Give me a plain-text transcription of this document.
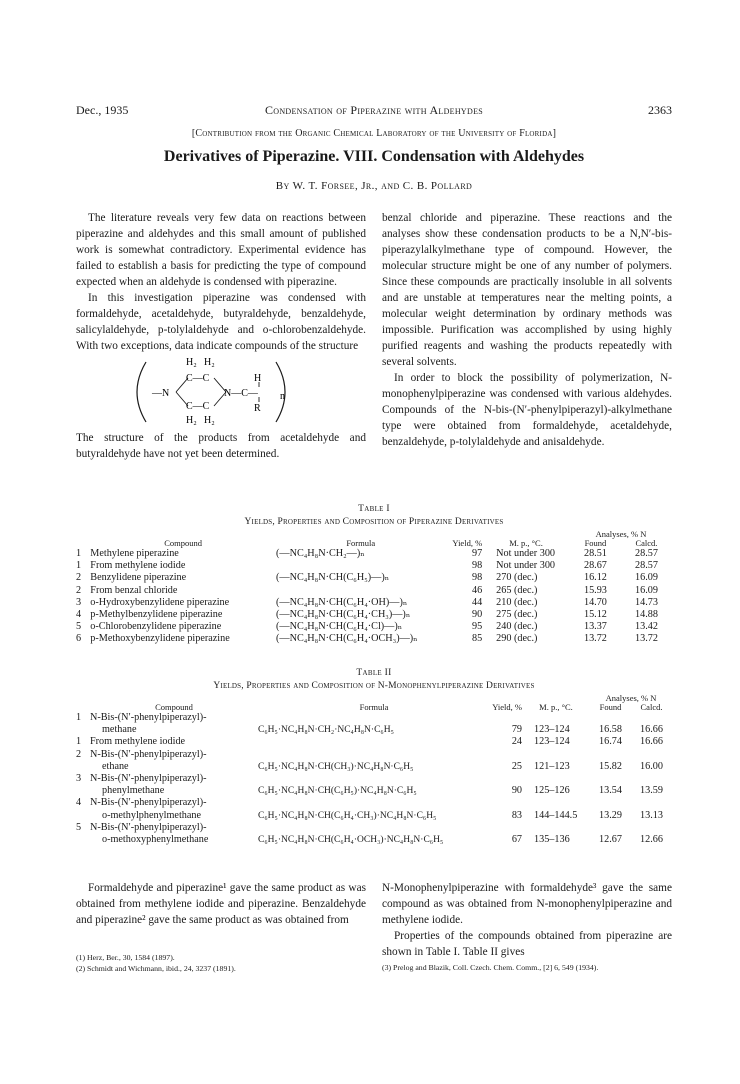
Dec., 1935	Condensation of Piperazine with Aldehydes	2363
[Contribution from the Organic Chemical Laboratory of the University of Florida]
Derivatives of Piperazine. VIII. Condensation with Aldehydes
By W. T. Forsee, Jr., and C. B. Pollard

The literature reveals very few data on reactions between piperazine and aldehydes and this small amount of published work is somewhat contradictory. Experimental evidence has failed to establish a basis for predicting the type of compound expected when an aldehyde is condensed with piperazine.

In this investigation piperazine was condensed with formaldehyde, acetaldehyde, butyraldehyde, benzaldehyde, salicylaldehyde, p-tolylaldehyde and o-chlorobenzaldehyde. With two exceptions, data indicate compounds of the structure

H₂ H₂
C—C	H
—N	N—C— n
C—C	R
H₂ H₂

The structure of the products from acetaldehyde and butyraldehyde have not yet been determined.

benzal chloride and piperazine. These reactions and the analyses show these condensation products to be a N,N′-bis-piperazylalkylmethane type of compound. However, the molecular structure might be one of any number of polymers. Since these compounds are practically insoluble in all solvents and are unstable at temperatures near the melting points, a molecular weight determination by ordinary methods was impossible. Purification was accomplished by using highly purified reagents and washing the products repeatedly with several solvents.

In order to block the possibility of polymerization, N-monophenylpiperazine was condensed with various aldehydes. Compounds of the N-bis-(N′-phenylpiperazyl)-alkylmethane type were obtained from formaldehyde, acetaldehyde, benzaldehyde, p-tolylaldehyde and anisaldehyde.

Table I
Yields, Properties and Composition of Piperazine Derivatives
					Analyses, % N	
	Compound	Formula	Yield, %	M. p., °C.	Found	Calcd.
1	Methylene piperazine	(—NC₄H₈N·CH₂—)ₙ	97	Not under 300	28.51	28.57
1	From methylene iodide		98	Not under 300	28.67	28.57
2	Benzylidene piperazine	(—NC₄H₈N·CH(C₆H₅)—)ₙ	98	270 (dec.)	16.12	16.09
2	From benzal chloride		46	265 (dec.)	15.93	16.09
3	o-Hydroxybenzylidene piperazine	(—NC₄H₈N·CH(C₆H₄·OH)—)ₙ	44	210 (dec.)	14.70	14.73
4	p-Methylbenzylidene piperazine	(—NC₄H₈N·CH(C₆H₄·CH₃)—)ₙ	90	275 (dec.)	15.12	14.88
5	o-Chlorobenzylidene piperazine	(—NC₄H₈N·CH(C₆H₄·Cl)—)ₙ	95	240 (dec.)	13.37	13.42
6	p-Methoxybenzylidene piperazine	(—NC₄H₈N·CH(C₆H₄·OCH₃)—)ₙ	85	290 (dec.)	13.72	13.72
Table II
Yields, Properties and Composition of N-Monophenylpiperazine Derivatives
					Analyses, % N	
	Compound	Formula	Yield, %	M. p., °C.	Found	Calcd.
1	N-Bis-(N′-phenylpiperazyl)-					
	methane	C₆H₅·NC₄H₈N·CH₂·NC₄H₈N·C₆H₅	79	123–124	16.58	16.66
1	From methylene iodide		24	123–124	16.74	16.66
2	N-Bis-(N′-phenylpiperazyl)-					
	ethane	C₆H₅·NC₄H₈N·CH(CH₃)·NC₄H₈N·C₆H₅	25	121–123	15.82	16.00
3	N-Bis-(N′-phenylpiperazyl)-					
	phenylmethane	C₆H₅·NC₄H₈N·CH(C₆H₅)·NC₄H₈N·C₆H₅	90	125–126	13.54	13.59
4	N-Bis-(N′-phenylpiperazyl)-					
	o-methylphenylmethane	C₆H₅·NC₄H₈N·CH(C₆H₄·CH₃)·NC₄H₈N·C₆H₅	83	144–144.5	13.29	13.13
5	N-Bis-(N′-phenylpiperazyl)-					
	o-methoxyphenylmethane	C₆H₅·NC₄H₈N·CH(C₆H₄·OCH₃)·NC₄H₈N·C₆H₅	67	135–136	12.67	12.66

Formaldehyde and piperazine¹ gave the same product as was obtained from methylene iodide and piperazine. Benzaldehyde and piperazine² gave the same product as was obtained from

(1) Herz, Ber., 30, 1584 (1897).
(2) Schmidt and Wichmann, ibid., 24, 3237 (1891).

N-Monophenylpiperazine with formaldehyde³ gave the same compound as was obtained from N-monophenylpiperazine and methylene iodide.

Properties of the compounds obtained from piperazine are shown in Table I. Table II gives

(3) Prelog and Blazik, Coll. Czech. Chem. Comm., [2] 6, 549 (1934).
